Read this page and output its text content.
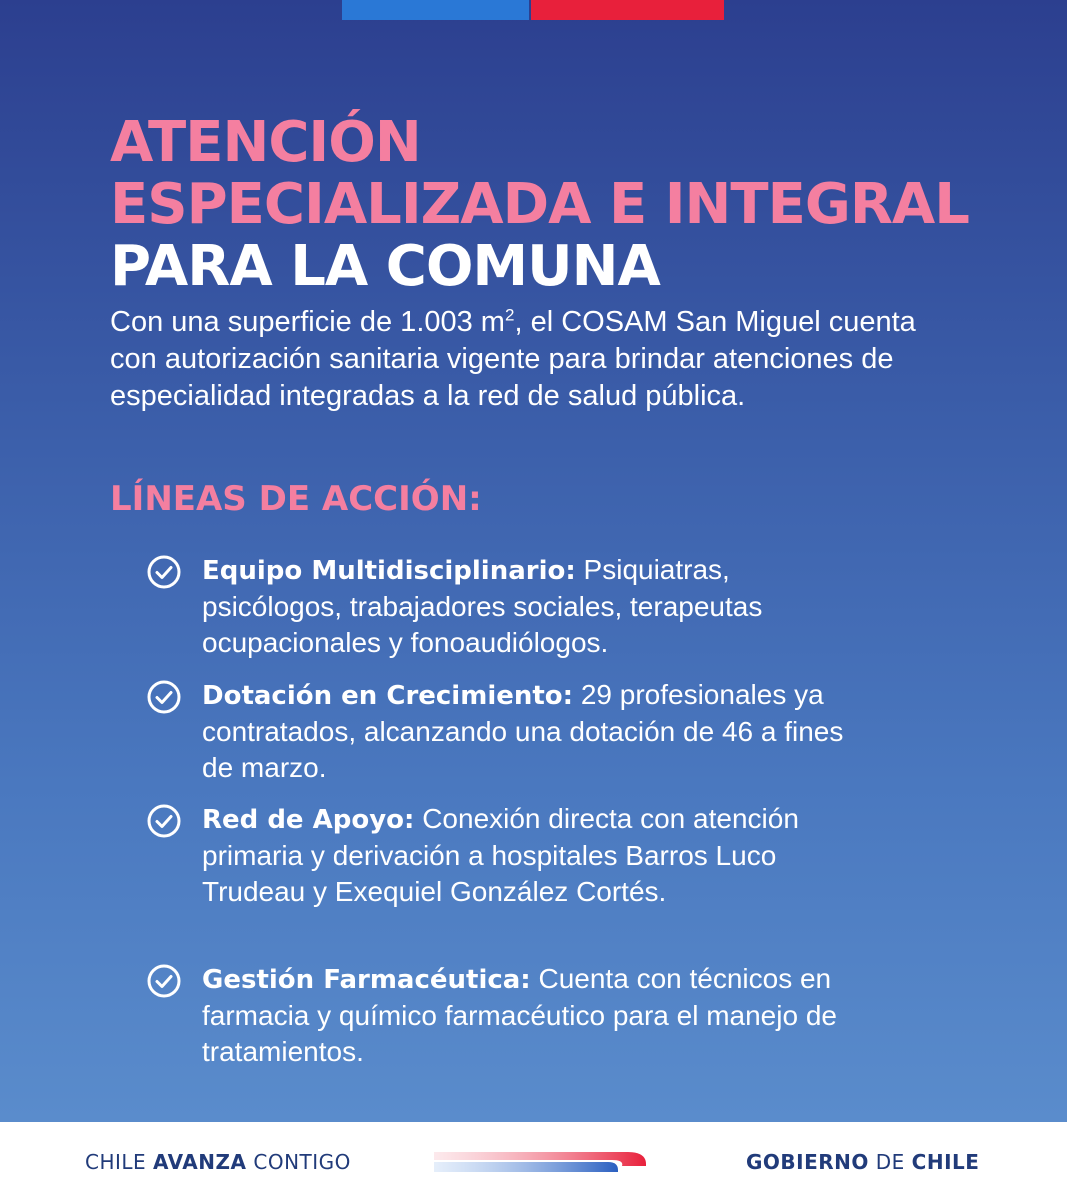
ATENCIÓN
ESPECIALIZADA E INTEGRAL
PARA LA COMUNA
Con una superficie de 1.003 $m^2$, el COSAM San Miguel cuenta con autorización sanitaria vigente para brindar atenciones de especialidad integradas a la red de salud pública.
LÍNEAS DE ACCIÓN:
Equipo Multidisciplinario: Psiquiatras, psicólogos, trabajadores sociales, terapeutas ocupacionales y fonoaudiólogos.
Dotación en Crecimiento: 29 profesionales ya contratados, alcanzando una dotación de 46 a fines de marzo.
Red de Apoyo: Conexión directa con atención primaria y derivación a hospitales Barros Luco Trudeau y Exequiel González Cortés.
Gestión Farmacéutica: Cuenta con técnicos en farmacia y químico farmacéutico para el manejo de tratamientos.
CHILE AVANZA CONTIGO	GOBIERNO DE CHILE
